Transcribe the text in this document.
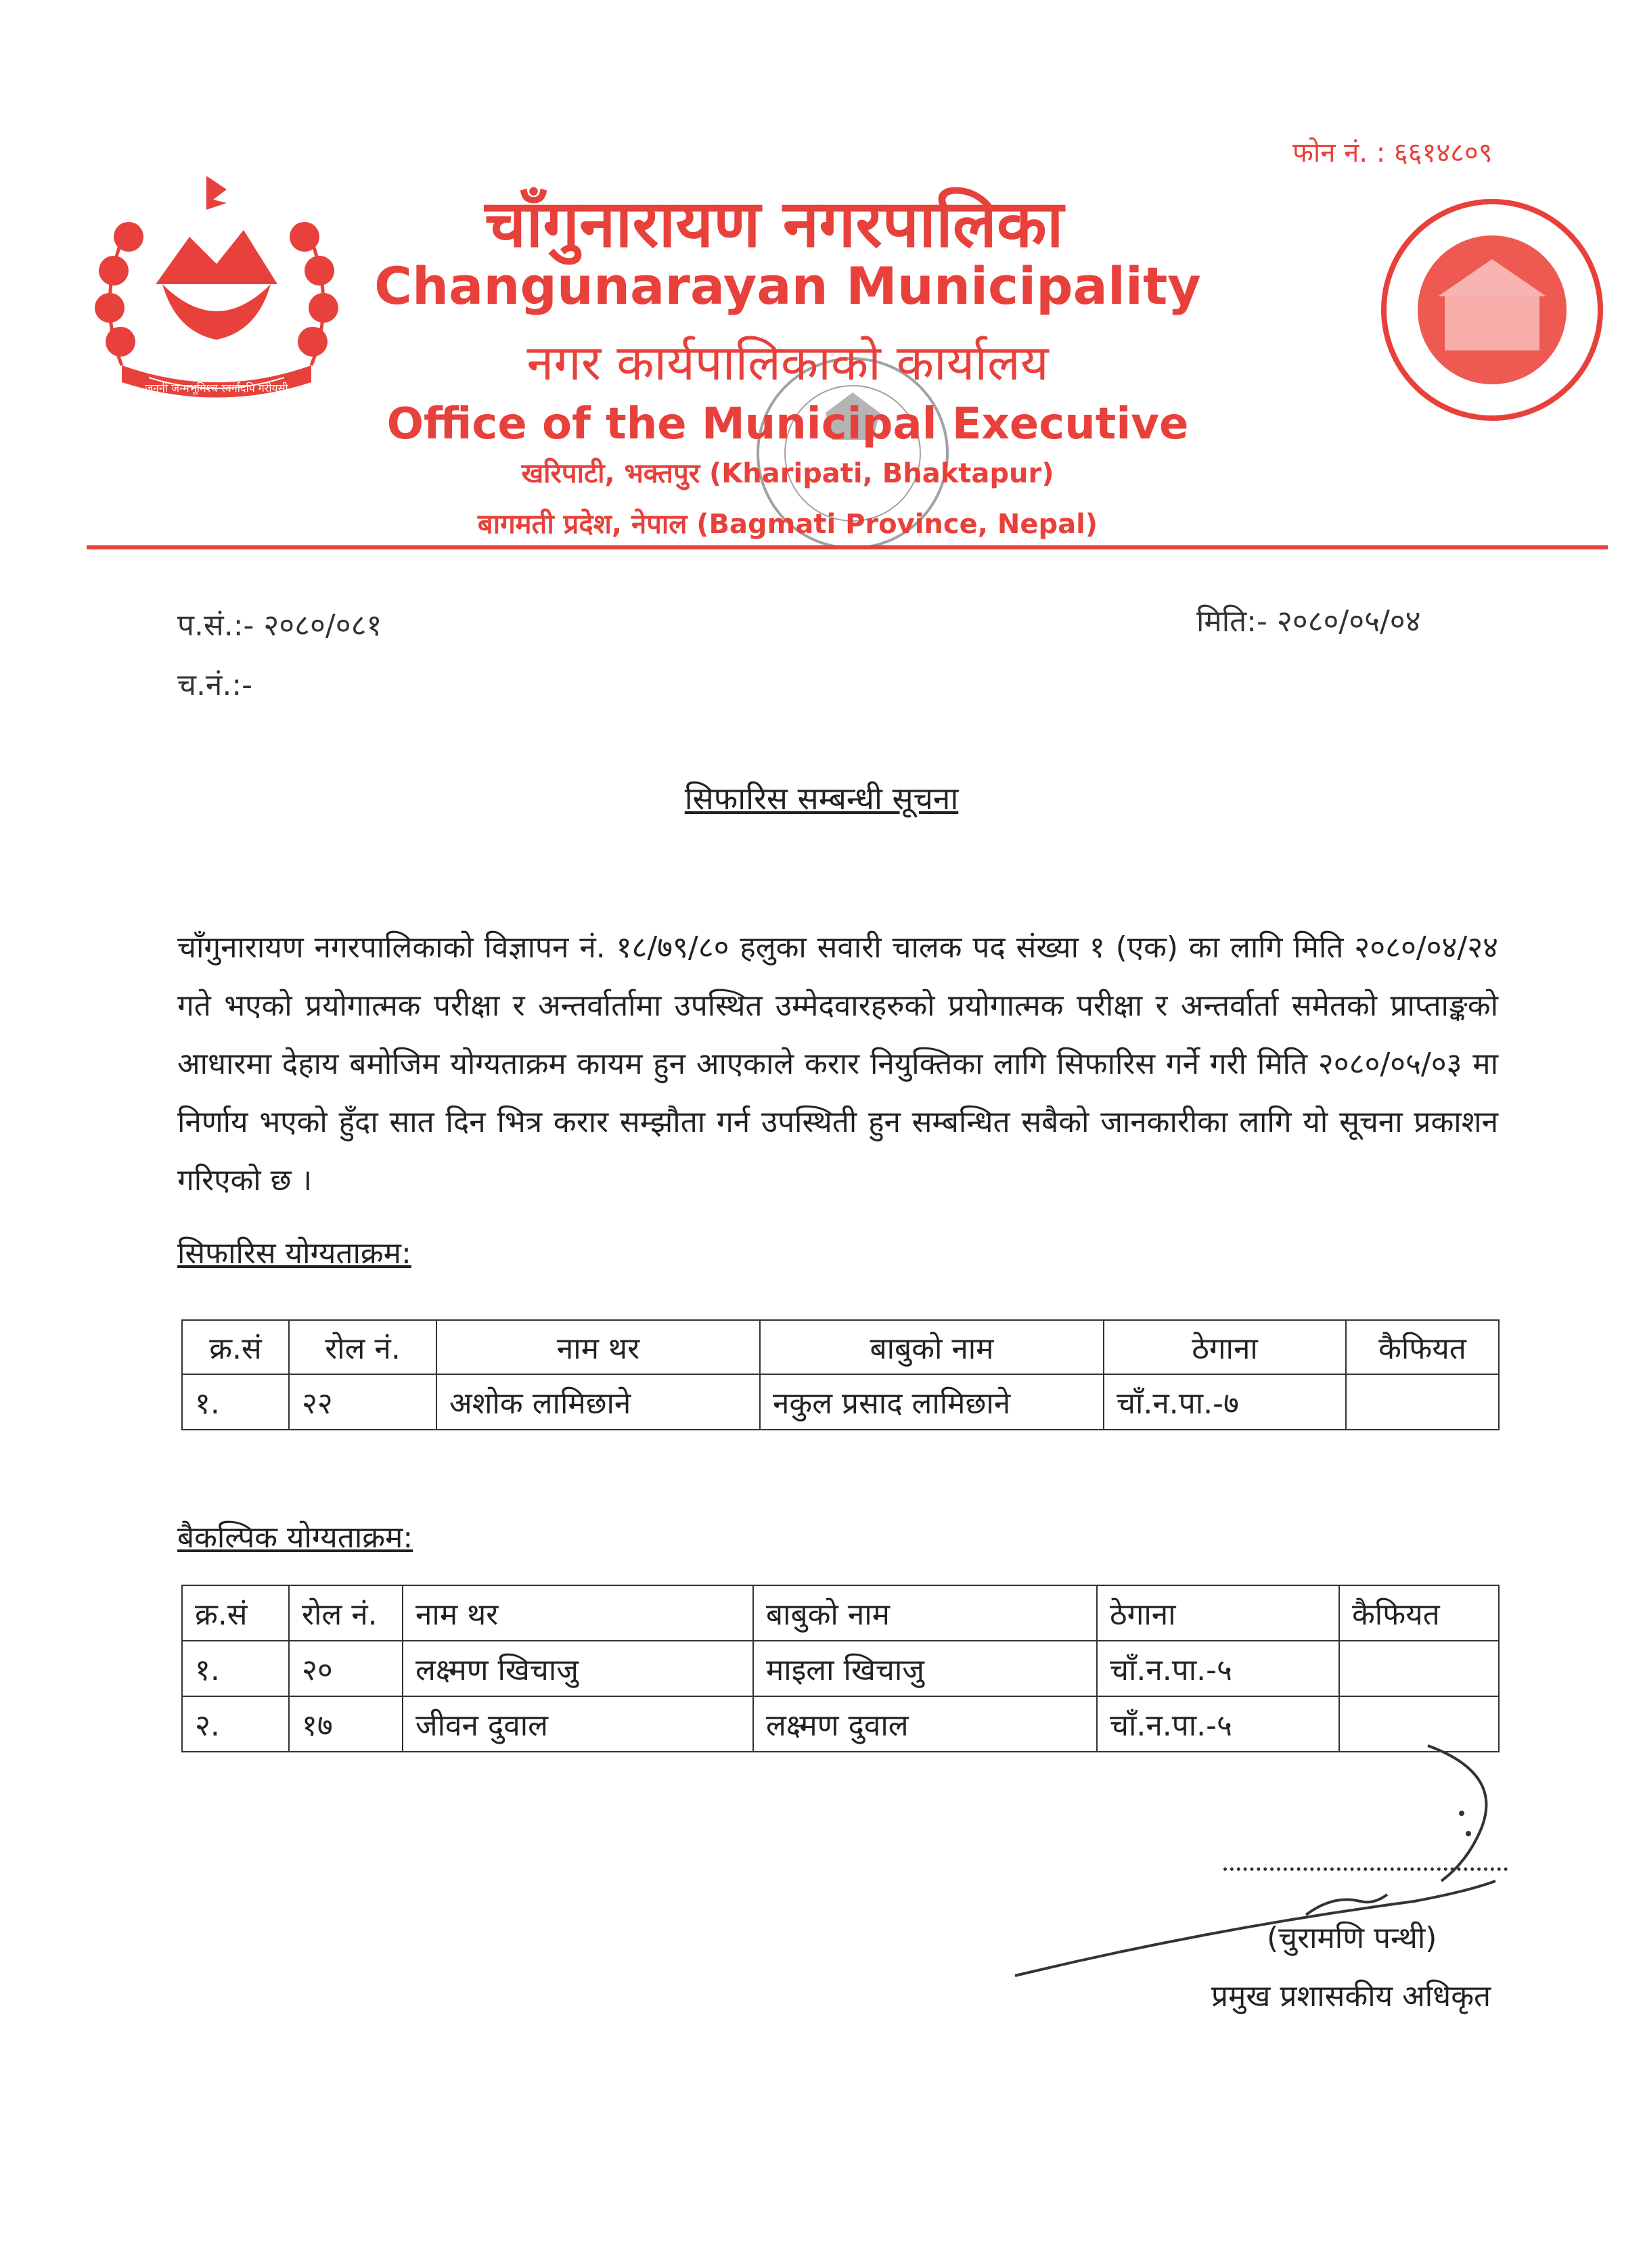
फोन नं. : ६६१४८०९
जननी जन्मभूमिश्च स्वर्गादपि गरीयसी
चाँगुनारायण नगरपालिका
Changunarayan Municipality
नगर कार्यपालिकाको कार्यालय
Office of the Municipal Executive
खरिपाटी, भक्तपुर (Kharipati, Bhaktapur)
बागमती प्रदेश, नेपाल (Bagmati Province, Nepal)
प.सं.:- २०८०/०८१
च.नं.:-
मिति:- २०८०/०५/०४
सिफारिस सम्बन्धी सूचना
चाँगुनारायण नगरपालिकाको विज्ञापन नं. १८/७९/८० हलुका सवारी चालक पद संख्या १ (एक) का लागि मिति २०८०/०४/२४ गते भएको प्रयोगात्मक परीक्षा र अन्तर्वार्तामा उपस्थित उम्मेदवारहरुको प्रयोगात्मक परीक्षा र अन्तर्वार्ता समेतको प्राप्ताङ्कको आधारमा देहाय बमोजिम योग्यताक्रम कायम हुन आएकाले करार नियुक्तिका लागि सिफारिस गर्ने गरी मिति २०८०/०५/०३ मा निर्णाय भएको हुँदा सात दिन भित्र करार सम्झौता गर्न उपस्थिती हुन सम्बन्धित सबैको जानकारीका लागि यो सूचना प्रकाशन गरिएको छ ।
सिफारिस योग्यताक्रम:
क्र.सं	रोल नं.	नाम थर	बाबुको नाम	ठेगाना	कैफियत
१.	२२	अशोक लामिछाने	नकुल प्रसाद लामिछाने	चाँ.न.पा.-७	
बैकल्पिक योग्यताक्रम:
क्र.सं	रोल नं.	नाम थर	बाबुको नाम	ठेगाना	कैफियत
१.	२०	लक्ष्मण खिचाजु	माइला खिचाजु	चाँ.न.पा.-५	
२.	१७	जीवन दुवाल	लक्ष्मण दुवाल	चाँ.न.पा.-५	
(चुरामणि पन्थी)
प्रमुख प्रशासकीय अधिकृत
